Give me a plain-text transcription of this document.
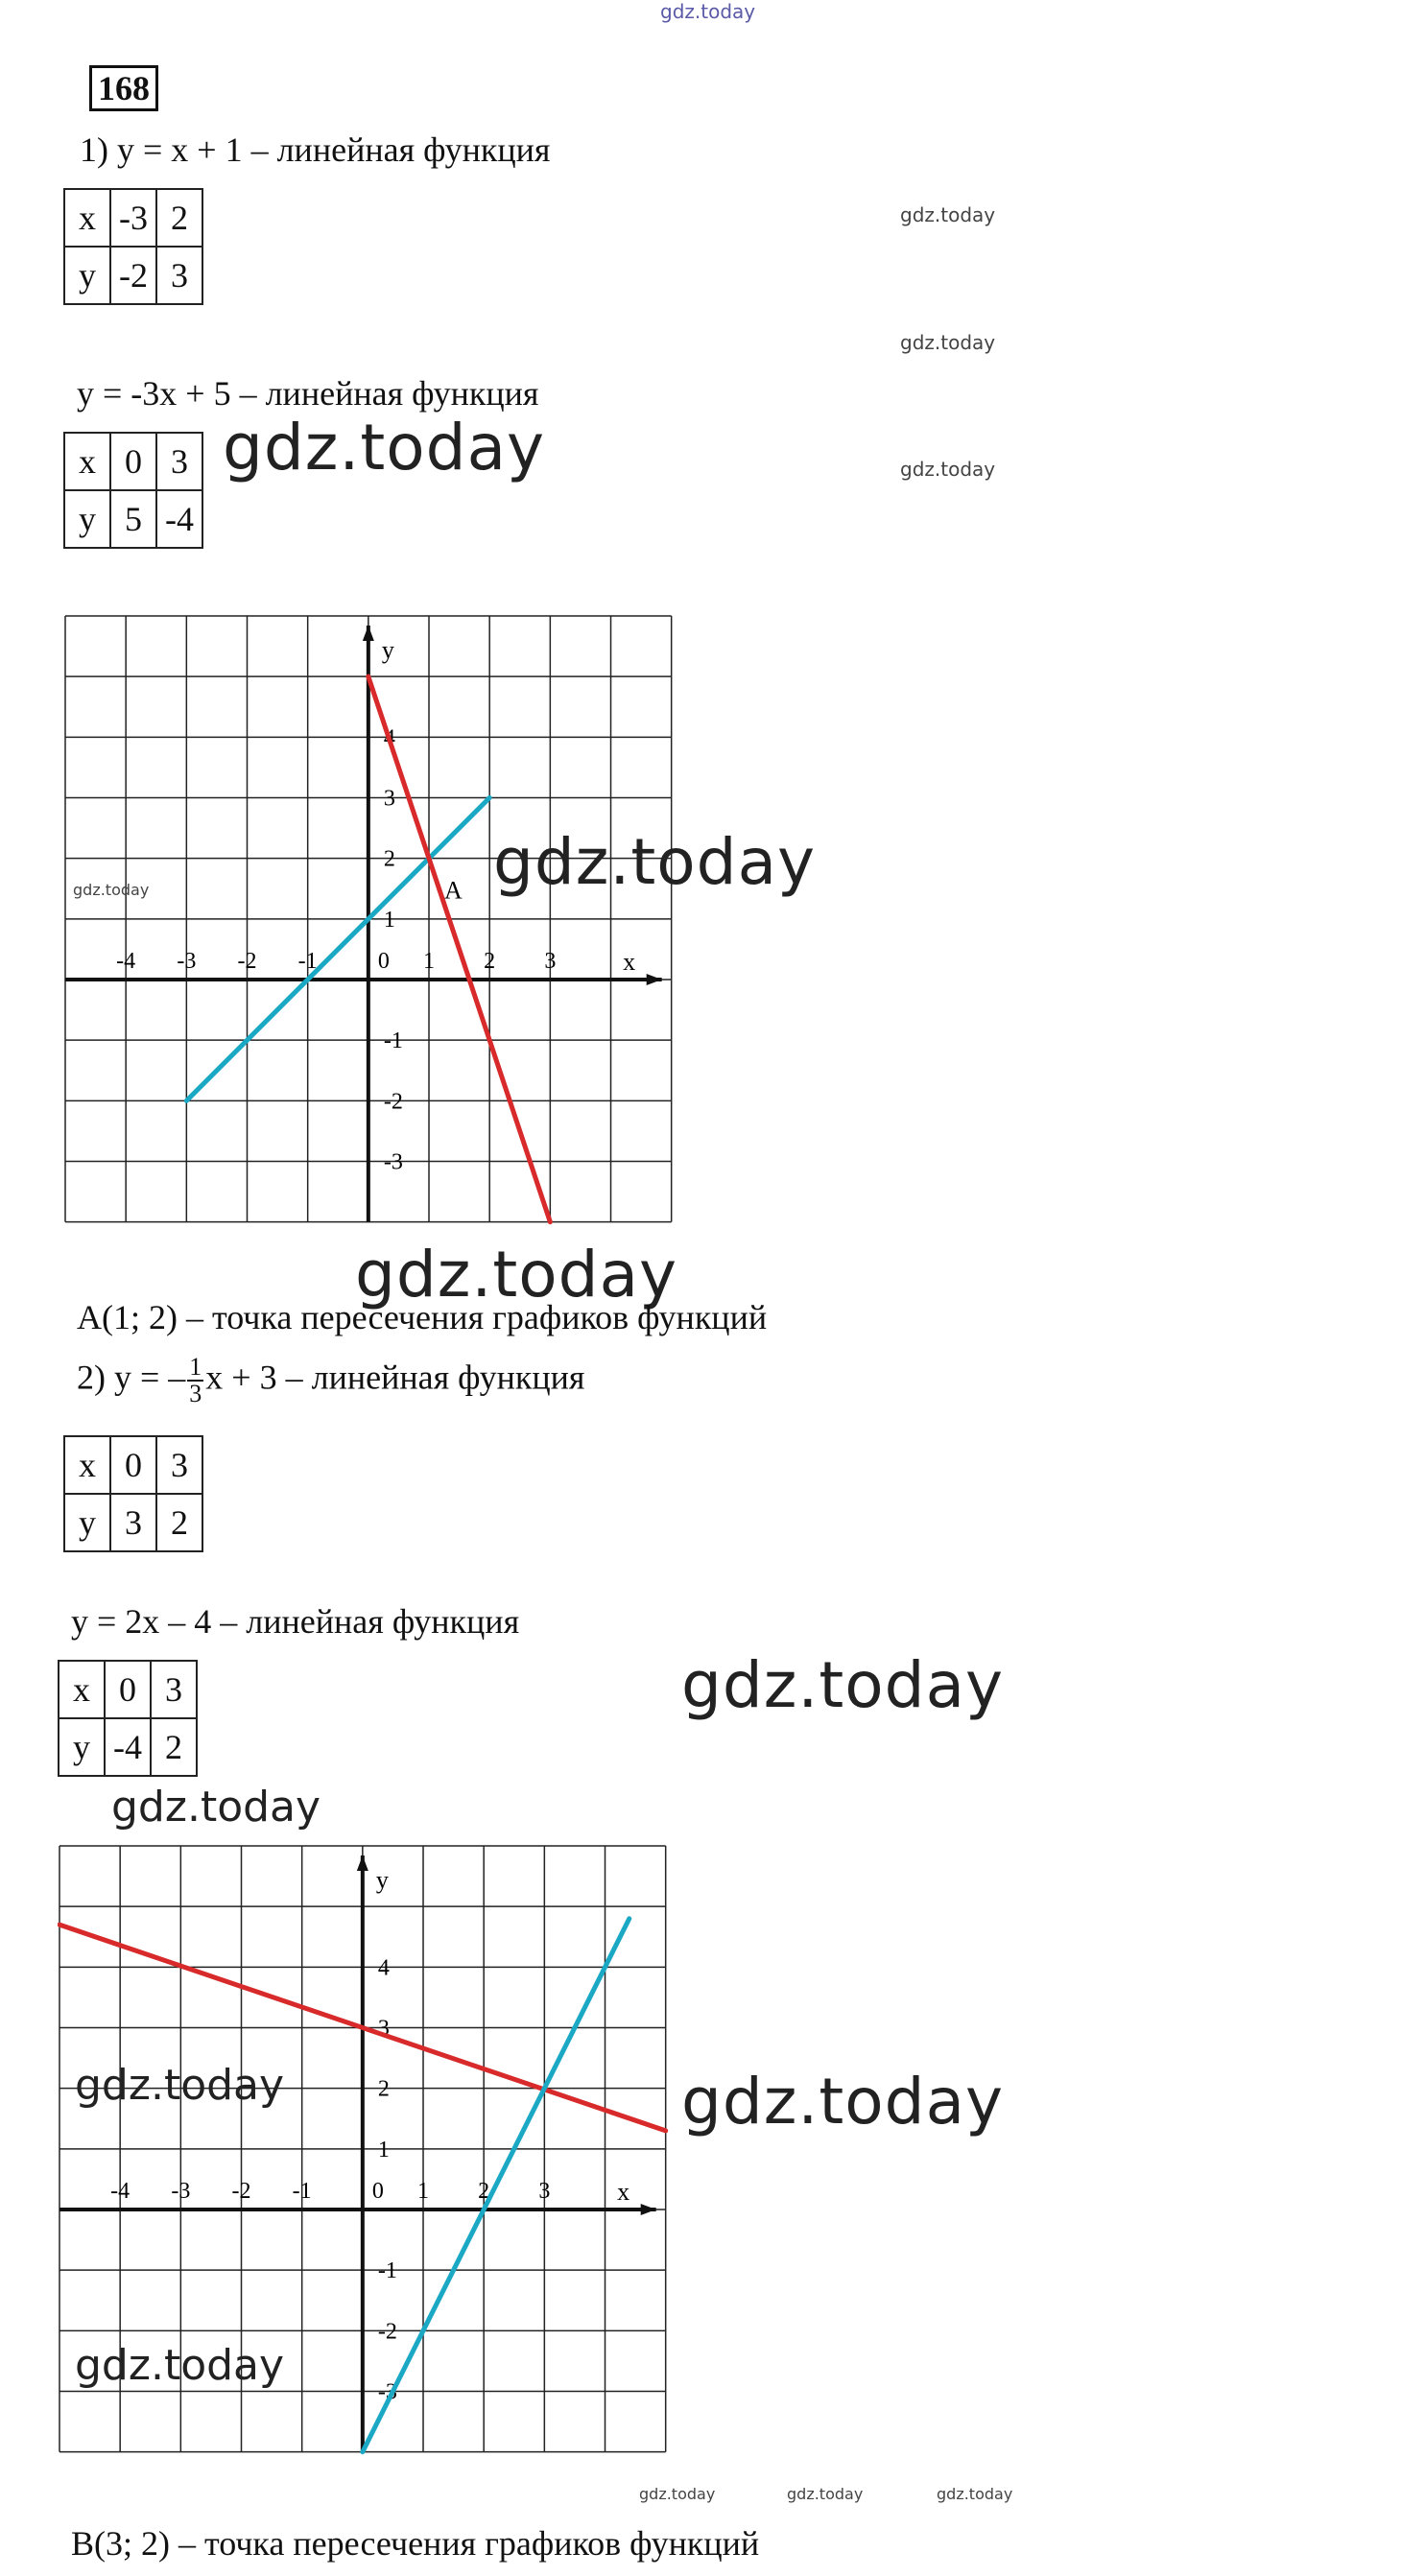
gdz.today
168
1) y = x + 1 – линейная функция
x	-3	2
y	-2	3
gdz.today
gdz.today
gdz.today
y = -3x + 5 – линейная функция
x	0	3
y	5	-4
gdz.today
x
y
-4 -3 -2 -1	0 1 2 3
4
3
2
1
-1
-2
-3
A gdz.today
gdz.today
gdz.today
A(1; 2) – точка пересечения графиков функций
2) y = – $\frac{1}{3}$ x + 3 – линейная функция
x	0	3
y	3	2
y = 2x – 4 – линейная функция
x	0	3
y	-4	2
gdz.today
gdz.today
x
y
-4 -3 -2 -1	0 1 2 3
4
3
2
1
-1
-2
-3
gdz.today	gdz.today
gdz.today
gdz.today	gdz.today	gdz.today
B(3; 2) – точка пересечения графиков функций
